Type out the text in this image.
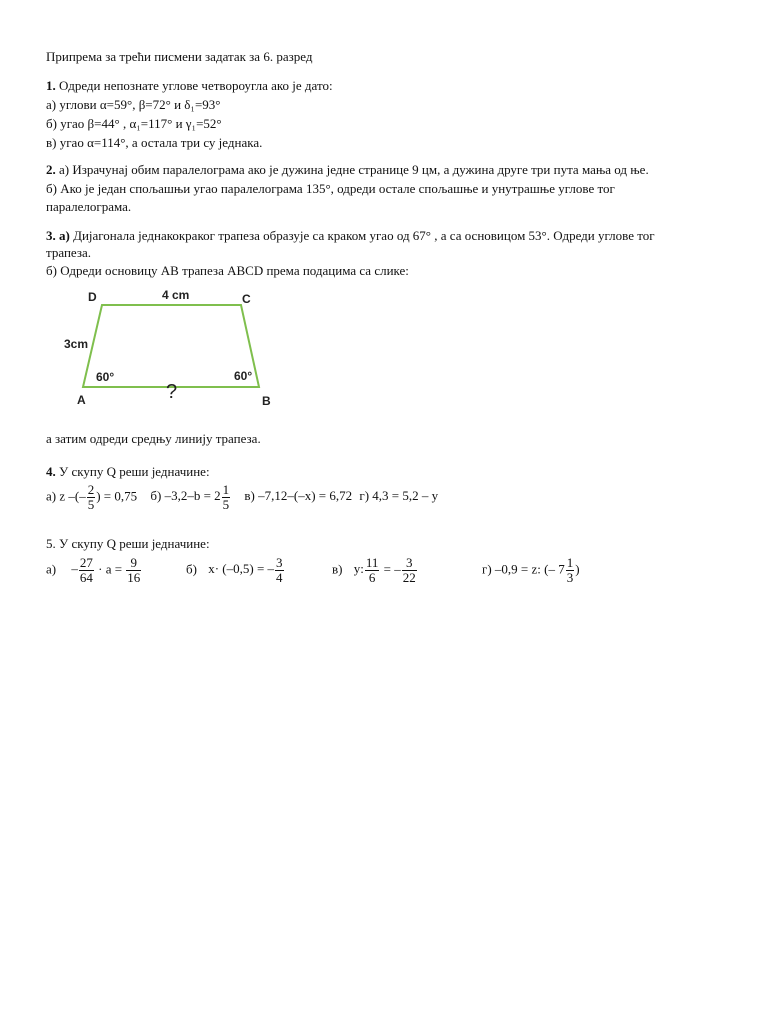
Припрема за трећи писмени задатак за 6. разред
1. Одреди непознате углове четвороугла ако је дато:
а) углови α=59°, β=72° и δ₁=93°
б) угао β=44° , α₁=117° и γ₁=52°
в) угао α=114°, а остала три су једнака.
2. а) Израчунај обим паралелограма ако је дужина једне странице 9 цм, а дужина друге три пута мања од ње.
б) Ако је један спољашњи угао паралелограма 135°, одреди остале спољашње и унутрашње углове тог
паралелограма.
3. а) Дијагонала једнакокраког трапеза образује са краком угао од 67° , а са основицом 53°. Одреди углове тог
трапеза.
б) Одреди основицу AB трапеза ABCD према подацима са слике:
а затим одреди средњу линију трапеза.
4. У скупу Q реши једначине:
а) z –(– $\frac{2}{5}$ ) = 0,75 б) $-3,2-b = 2 \frac{1}{5} в$) –7,12–(–x) = 6,72 г) 4,3 = 5,2 – y
5. У скупу Q реши једначине:
$а) - \frac{27}{64} \cdot a = \frac{9}{16}$	б) x· (–0,5) = – $\frac{3}{4}$	в) y: $\frac{11}{6}$ = – $\frac{3}{22}$	г) –0,9 = z: (– $7 \frac{1}{3}$ )
D	C
A	B
4 cm
3cm
60°	60°
?
